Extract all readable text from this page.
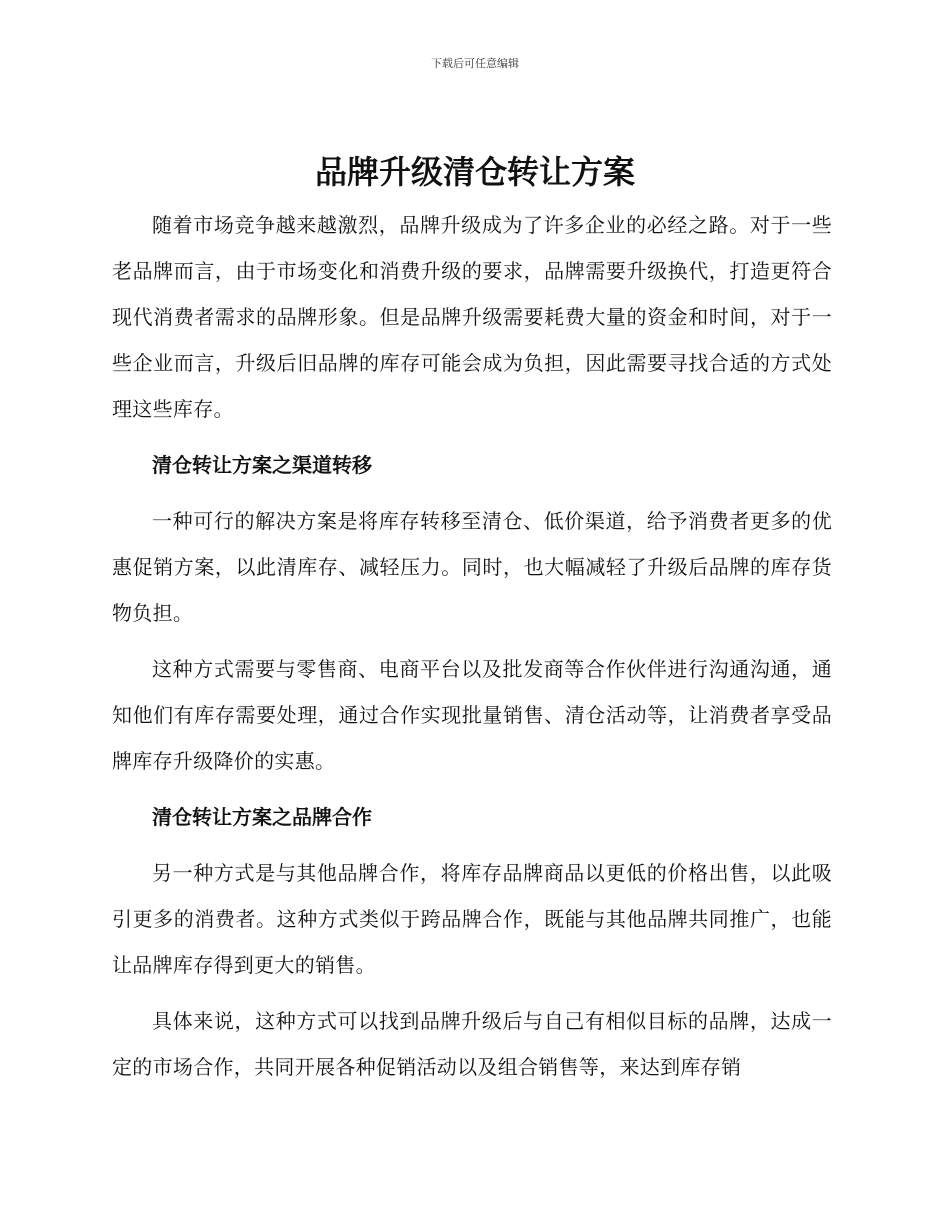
下载后可任意编辑
品牌升级清仓转让方案

随着市场竞争越来越激烈，品牌升级成为了许多企业的必经之路。对于一些老品牌而言，由于市场变化和消费升级的要求，品牌需要升级换代，打造更符合现代消费者需求的品牌形象。但是品牌升级需要耗费大量的资金和时间，对于一些企业而言，升级后旧品牌的库存可能会成为负担，因此需要寻找合适的方式处理这些库存。

清仓转让方案之渠道转移

一种可行的解决方案是将库存转移至清仓、低价渠道，给予消费者更多的优惠促销方案，以此清库存、减轻压力。同时，也大幅减轻了升级后品牌的库存货物负担。

这种方式需要与零售商、电商平台以及批发商等合作伙伴进行沟通沟通，通知他们有库存需要处理，通过合作实现批量销售、清仓活动等，让消费者享受品牌库存升级降价的实惠。

清仓转让方案之品牌合作

另一种方式是与其他品牌合作，将库存品牌商品以更低的价格出售，以此吸引更多的消费者。这种方式类似于跨品牌合作，既能与其他品牌共同推广，也能让品牌库存得到更大的销售。

具体来说，这种方式可以找到品牌升级后与自己有相似目标的品牌，达成一定的市场合作，共同开展各种促销活动以及组合销售等，来达到库存销
